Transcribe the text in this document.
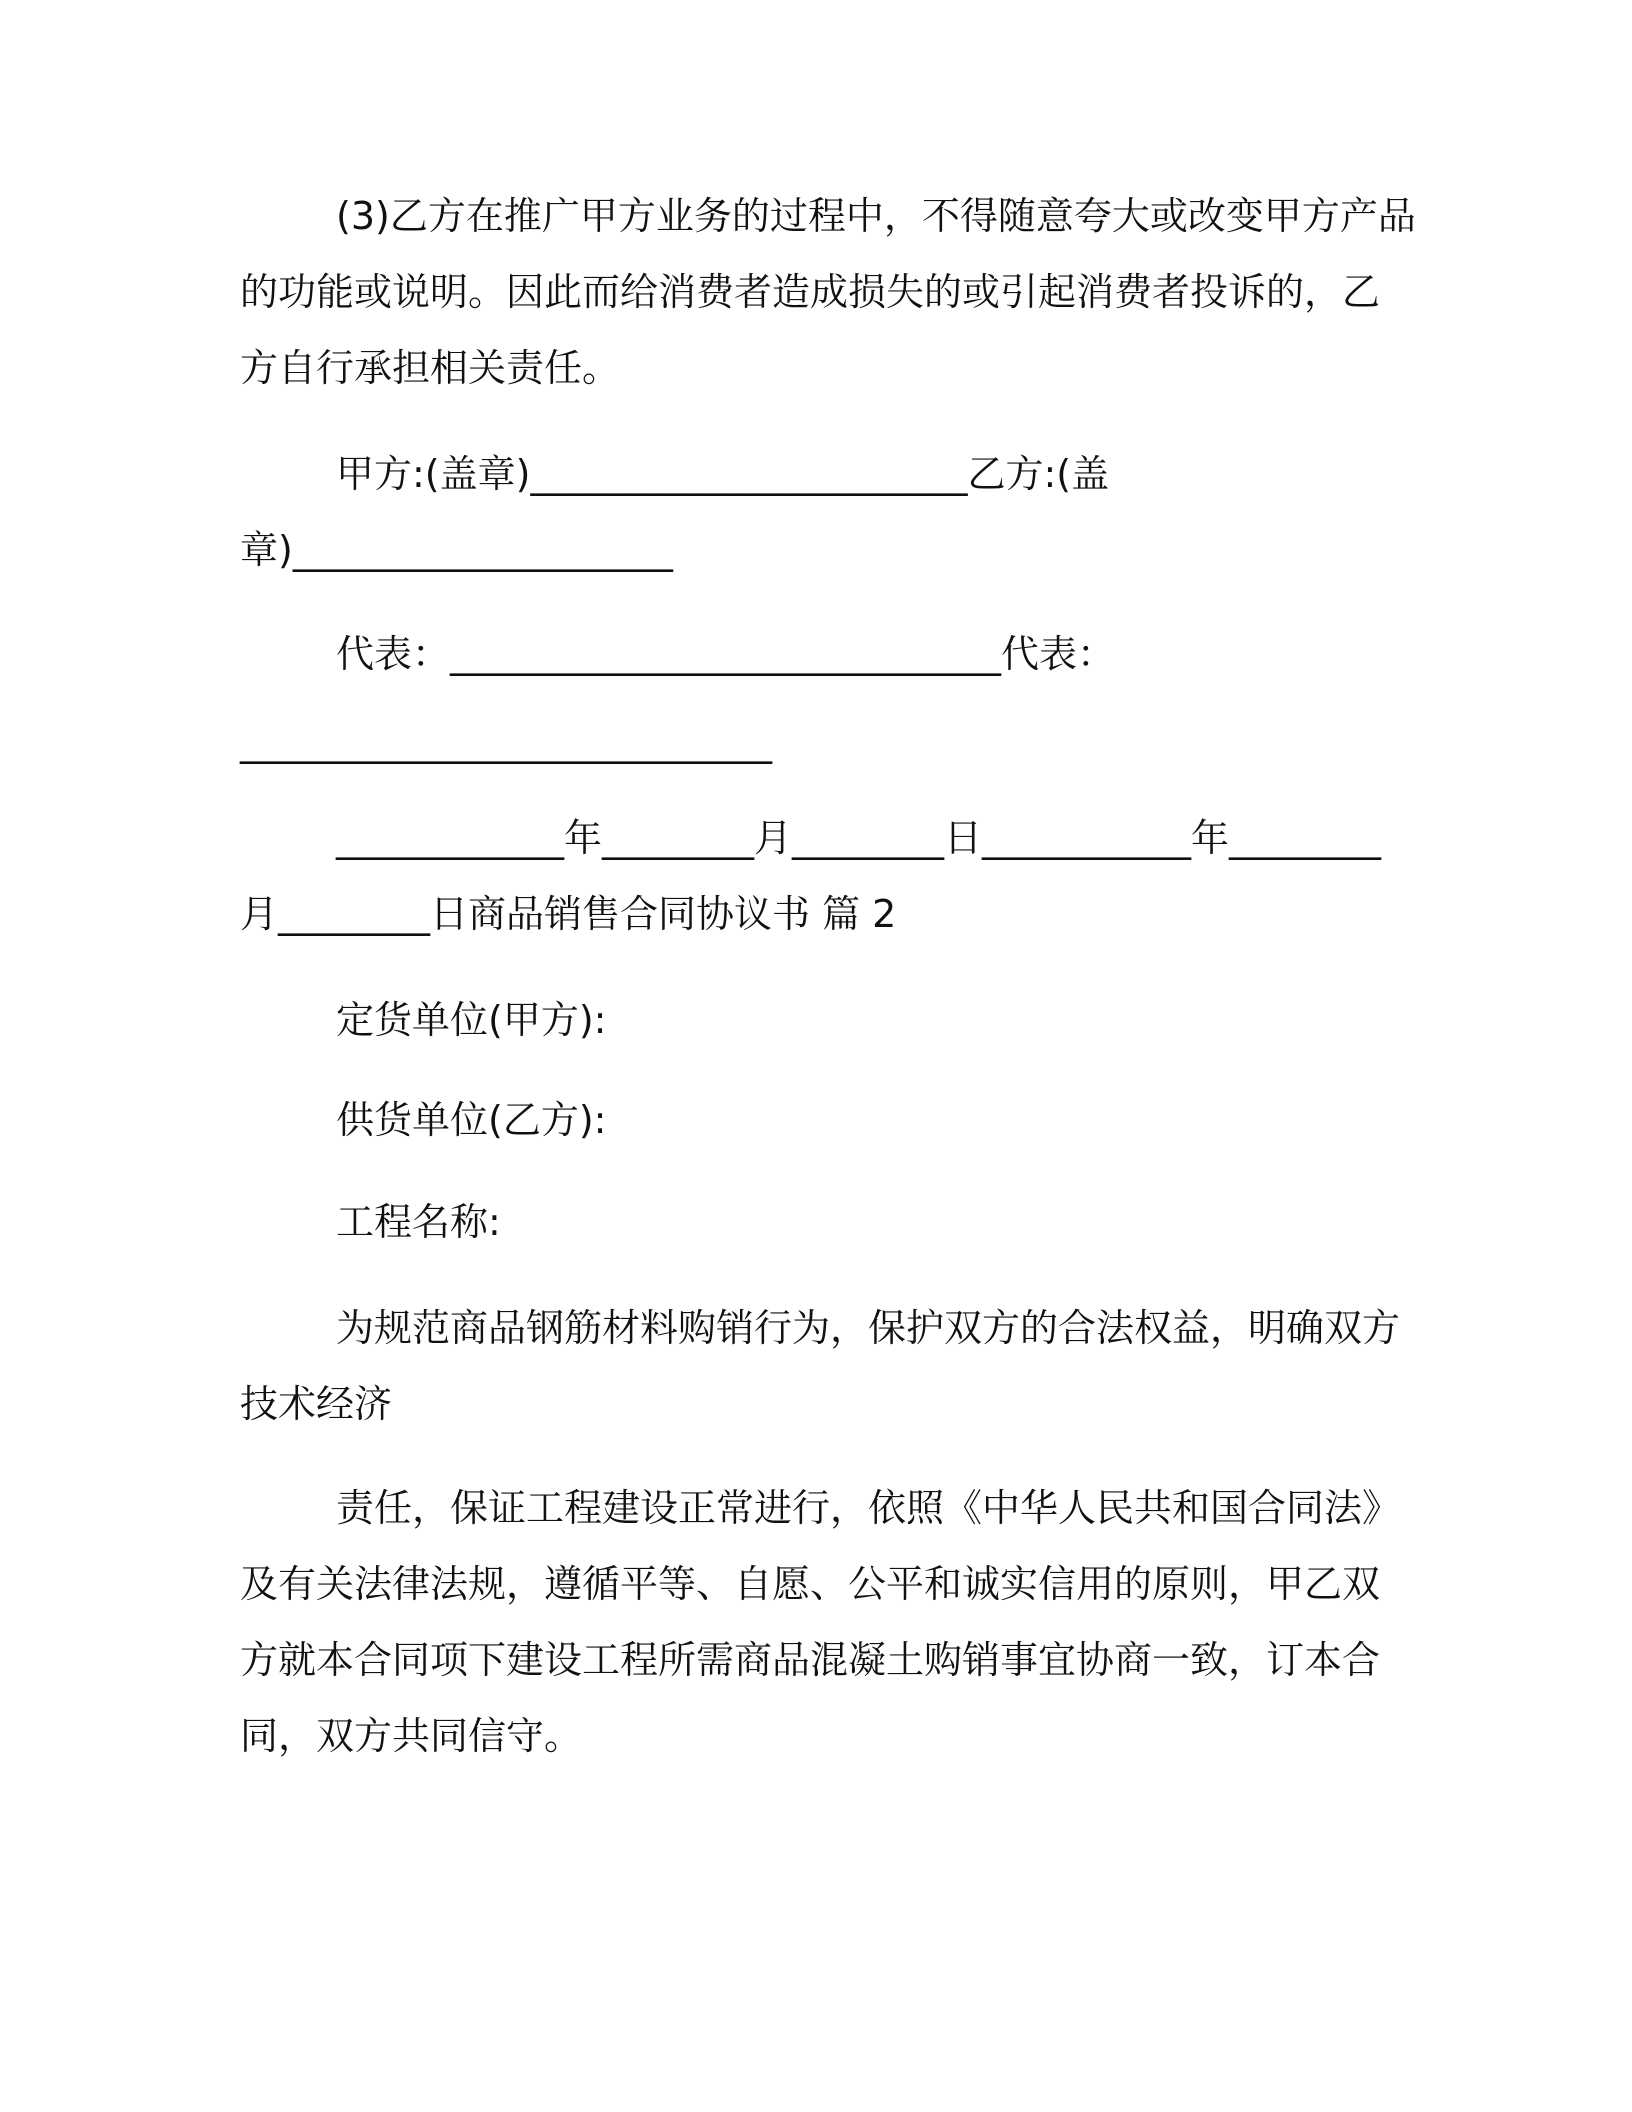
(3)乙方在推广甲方业务的过程中，不得随意夸大或改变甲方产品

的功能或说明。因此而给消费者造成损失的或引起消费者投诉的，乙

方自行承担相关责任。

甲方:(盖章)_______________________乙方:(盖

章)____________________

代表：_____________________________代表：

____________________________

____________年________月________日___________年________

月________日商品销售合同协议书 篇 2

定货单位(甲方):

供货单位(乙方):

工程名称:

为规范商品钢筋材料购销行为，保护双方的合法权益，明确双方

技术经济

责任，保证工程建设正常进行，依照《中华人民共和国合同法》

及有关法律法规，遵循平等、自愿、公平和诚实信用的原则，甲乙双

方就本合同项下建设工程所需商品混凝土购销事宜协商一致，订本合

同，双方共同信守。
